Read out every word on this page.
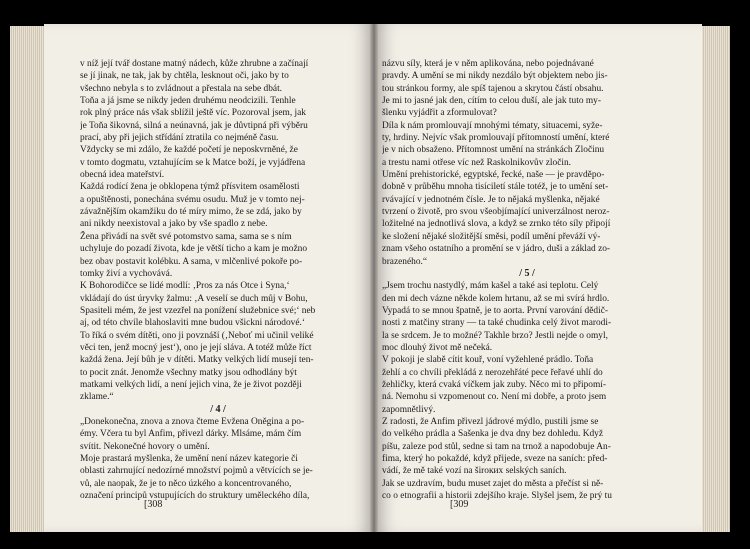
v níž její tvář dostane matný nádech, kůže zhrubne a začínají
se jí jinak, ne tak, jak by chtěla, lesknout oči, jako by to
všechno nebyla s to zvládnout a přestala na sebe dbát.
Toňa a já jsme se nikdy jeden druhému neodcizili. Tenhle
rok plný práce nás však sblížil ještě víc. Pozoroval jsem, jak
je Toňa šikovná, silná a neúnavná, jak je důvtipná při výběru
prací, aby při jejich střídání ztratila co nejméně času.
Vždycky se mi zdálo, že každé početí je neposkvrněné, že
v tomto dogmatu, vztahujícím se k Matce boží, je vyjádřena
obecná idea mateřství.
Každá rodící žena je obklopena týmž přísvitem osamělosti
a opuštěnosti, ponechána svému osudu. Muž je v tomto nej-
závažnějším okamžiku do té míry mimo, že se zdá, jako by
ani nikdy neexistoval a jako by vše spadlo z nebe.
Žena přivádí na svět své potomstvo sama, sama se s ním
uchyluje do pozadí života, kde je větší ticho a kam je možno
bez obav postavit kolébku. A sama, v mlčenlivé pokoře po-
tomky živí a vychovává.
K Bohorodičce se lidé modlí: ‚Pros za nás Otce i Syna,‘
vkládají do úst úryvky žalmu: ‚A veselí se duch můj v Bohu,
Spasiteli mém, že jest vzezřel na ponížení služebnice své;‘ neb
aj, od této chvíle blahoslaviti mne budou všickni národové.‘
To říká o svém dítěti, ono ji povznáší (‚Neboť mi učinil veliké
věci ten, jenž mocný jest‘), ono je její sláva. A totéž může říct
každá žena. Její bůh je v dítěti. Matky velkých lidí musejí ten-
to pocit znát. Jenomže všechny matky jsou odhodlány být
matkami velkých lidí, a není jejich vina, že je život později
zklame.“
/ 4 /
„Donekonečna, znova a znova čteme Evžena Oněgina a po-
émy. Včera tu byl Anfim, přivezl dárky. Mlsáme, mám čím
svítit. Nekonečné hovory o umění.
Moje prastará myšlenka, že umění není název kategorie či
oblasti zahrnující nedozírné množství pojmů a větvících se je-
vů, ale naopak, že je to něco úzkého a koncentrovaného,
označení principů vstupujících do struktury uměleckého díla,
[308
názvu síly, která je v něm aplikována, nebo pojednávané
pravdy. A umění se mi nikdy nezdálo být objektem nebo jis-
tou stránkou formy, ale spíš tajenou a skrytou částí obsahu.
Je mi to jasné jak den, cítím to celou duší, ale jak tuto my-
šlenku vyjádřit a zformulovat?
Díla k nám promlouvají mnohými tématy, situacemi, syže-
ty, hrdiny. Nejvíc však promlouvají přítomností umění, které
je v nich obsaženo. Přítomnost umění na stránkách Zločinu
a trestu nami otřese víc než Raskolnikovův zločin.
Umění prehistorické, egyptské, řecké, naše — je pravděpo-
dobně v průběhu mnoha tisíciletí stále totéž, je to umění set-
rvávající v jednotném čísle. Je to nějaká myšlenka, nějaké
tvrzení o životě, pro svou všeobjímající univerzálnost neroz-
ložitelné na jednotlivá slova, a když se zrnko této síly připojí
ke složení nějaké složitější směsi, podíl umění převáží vý-
znam všeho ostatního a promění se v jádro, duši a základ zo-
brazeného.“
/ 5 /
„Jsem trochu nastydlý, mám kašel a také asi teplotu. Celý
den mi dech vázne někde kolem hrtanu, až se mi svírá hrdlo.
Vypadá to se mnou špatně, je to aorta. První varování dědič-
nosti z matčiny strany — ta také chudinka celý život marodi-
la se srdcem. Je to možné? Takhle brzo? Jestli nejde o omyl,
moc dlouhý život mě nečeká.
V pokoji je slabě cítit kouř, voní vyžehlené prádlo. Toňa
žehlí a co chvíli překládá z nerozehřáté pece řeřavé uhlí do
žehličky, která cvaká víčkem jak zuby. Něco mi to připomí-
ná. Nemohu si vzpomenout co. Není mi dobře, a proto jsem
zapomnětlivý.
Z radosti, že Anfim přivezl jádrové mýdlo, pustili jsme se
do velkého prádla a Sašenka je dva dny bez dohledu. Když
píšu, zaleze pod stůl, sedne si tam na trnož a napodobuje An-
fima, který ho pokaždé, když přijede, sveze na saních: před-
vádí, že mě také vozí na široких selských saních.
Jak se uzdravím, budu muset zajet do města a přečíst si ně-
co o etnografii a historii zdejšího kraje. Slyšel jsem, že prý tu
[309
